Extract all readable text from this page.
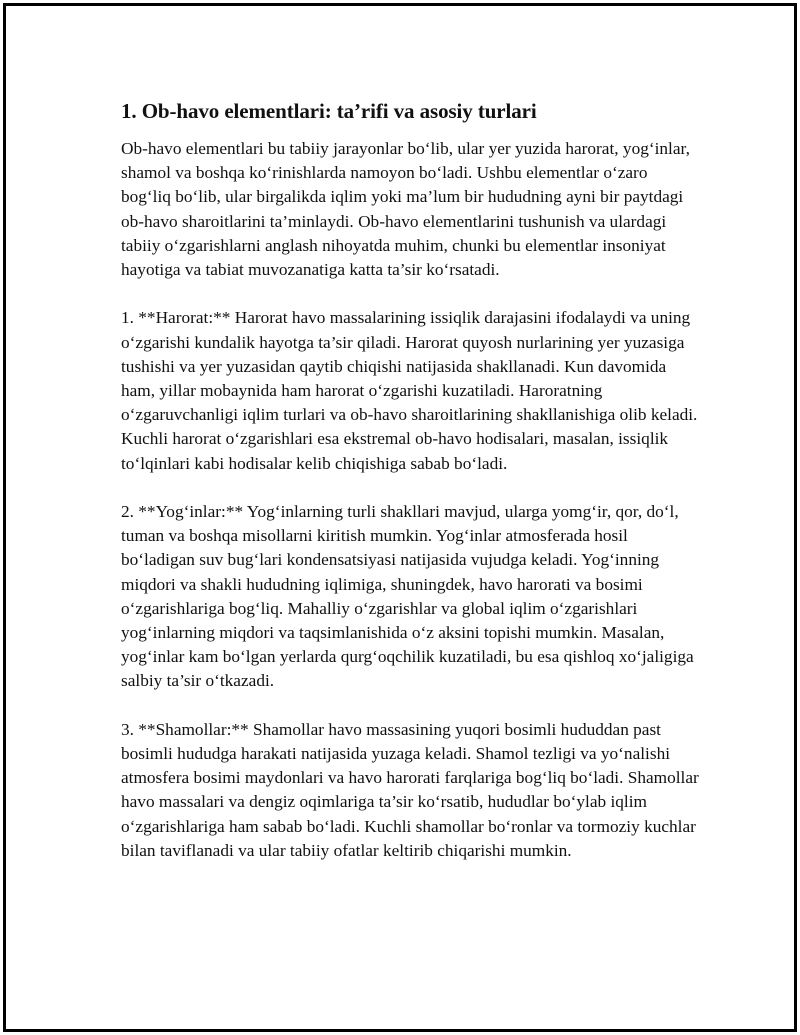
1. Ob-havo elementlari: ta’rifi va asosiy turlari

Ob-havo elementlari bu tabiiy jarayonlar bo‘lib, ular yer yuzida harorat, yog‘inlar, shamol va boshqa ko‘rinishlarda namoyon bo‘ladi. Ushbu elementlar o‘zaro bog‘liq bo‘lib, ular birgalikda iqlim yoki ma’lum bir hududning ayni bir paytdagi ob-havo sharoitlarini ta’minlaydi. Ob-havo elementlarini tushunish va ulardagi tabiiy o‘zgarishlarni anglash nihoyatda muhim, chunki bu elementlar insoniyat hayotiga va tabiat muvozanatiga katta ta’sir ko‘rsatadi.

1. **Harorat:** Harorat havo massalarining issiqlik darajasini ifodalaydi va uning o‘zgarishi kundalik hayotga ta’sir qiladi. Harorat quyosh nurlarining yer yuzasiga tushishi va yer yuzasidan qaytib chiqishi natijasida shakllanadi. Kun davomida ham, yillar mobaynida ham harorat o‘zgarishi kuzatiladi. Haroratning o‘zgaruvchanligi iqlim turlari va ob-havo sharoitlarining shakllanishiga olib keladi. Kuchli harorat o‘zgarishlari esa ekstremal ob-havo hodisalari, masalan, issiqlik to‘lqinlari kabi hodisalar kelib chiqishiga sabab bo‘ladi.

2. **Yog‘inlar:** Yog‘inlarning turli shakllari mavjud, ularga yomg‘ir, qor, do‘l, tuman va boshqa misollarni kiritish mumkin. Yog‘inlar atmosferada hosil bo‘ladigan suv bug‘lari kondensatsiyasi natijasida vujudga keladi. Yog‘inning miqdori va shakli hududning iqlimiga, shuningdek, havo harorati va bosimi o‘zgarishlariga bog‘liq. Mahalliy o‘zgarishlar va global iqlim o‘zgarishlari yog‘inlarning miqdori va taqsimlanishida o‘z aksini topishi mumkin. Masalan, yog‘inlar kam bo‘lgan yerlarda qurg‘oqchilik kuzatiladi, bu esa qishloq xo‘jaligiga salbiy ta’sir o‘tkazadi.

3. **Shamollar:** Shamollar havo massasining yuqori bosimli hududdan past bosimli hududga harakati natijasida yuzaga keladi. Shamol tezligi va yo‘nalishi atmosfera bosimi maydonlari va havo harorati farqlariga bog‘liq bo‘ladi. Shamollar havo massalari va dengiz oqimlariga ta’sir ko‘rsatib, hududlar bo‘ylab iqlim o‘zgarishlariga ham sabab bo‘ladi. Kuchli shamollar bo‘ronlar va tormoziy kuchlar bilan taviflanadi va ular tabiiy ofatlar keltirib chiqarishi mumkin.
